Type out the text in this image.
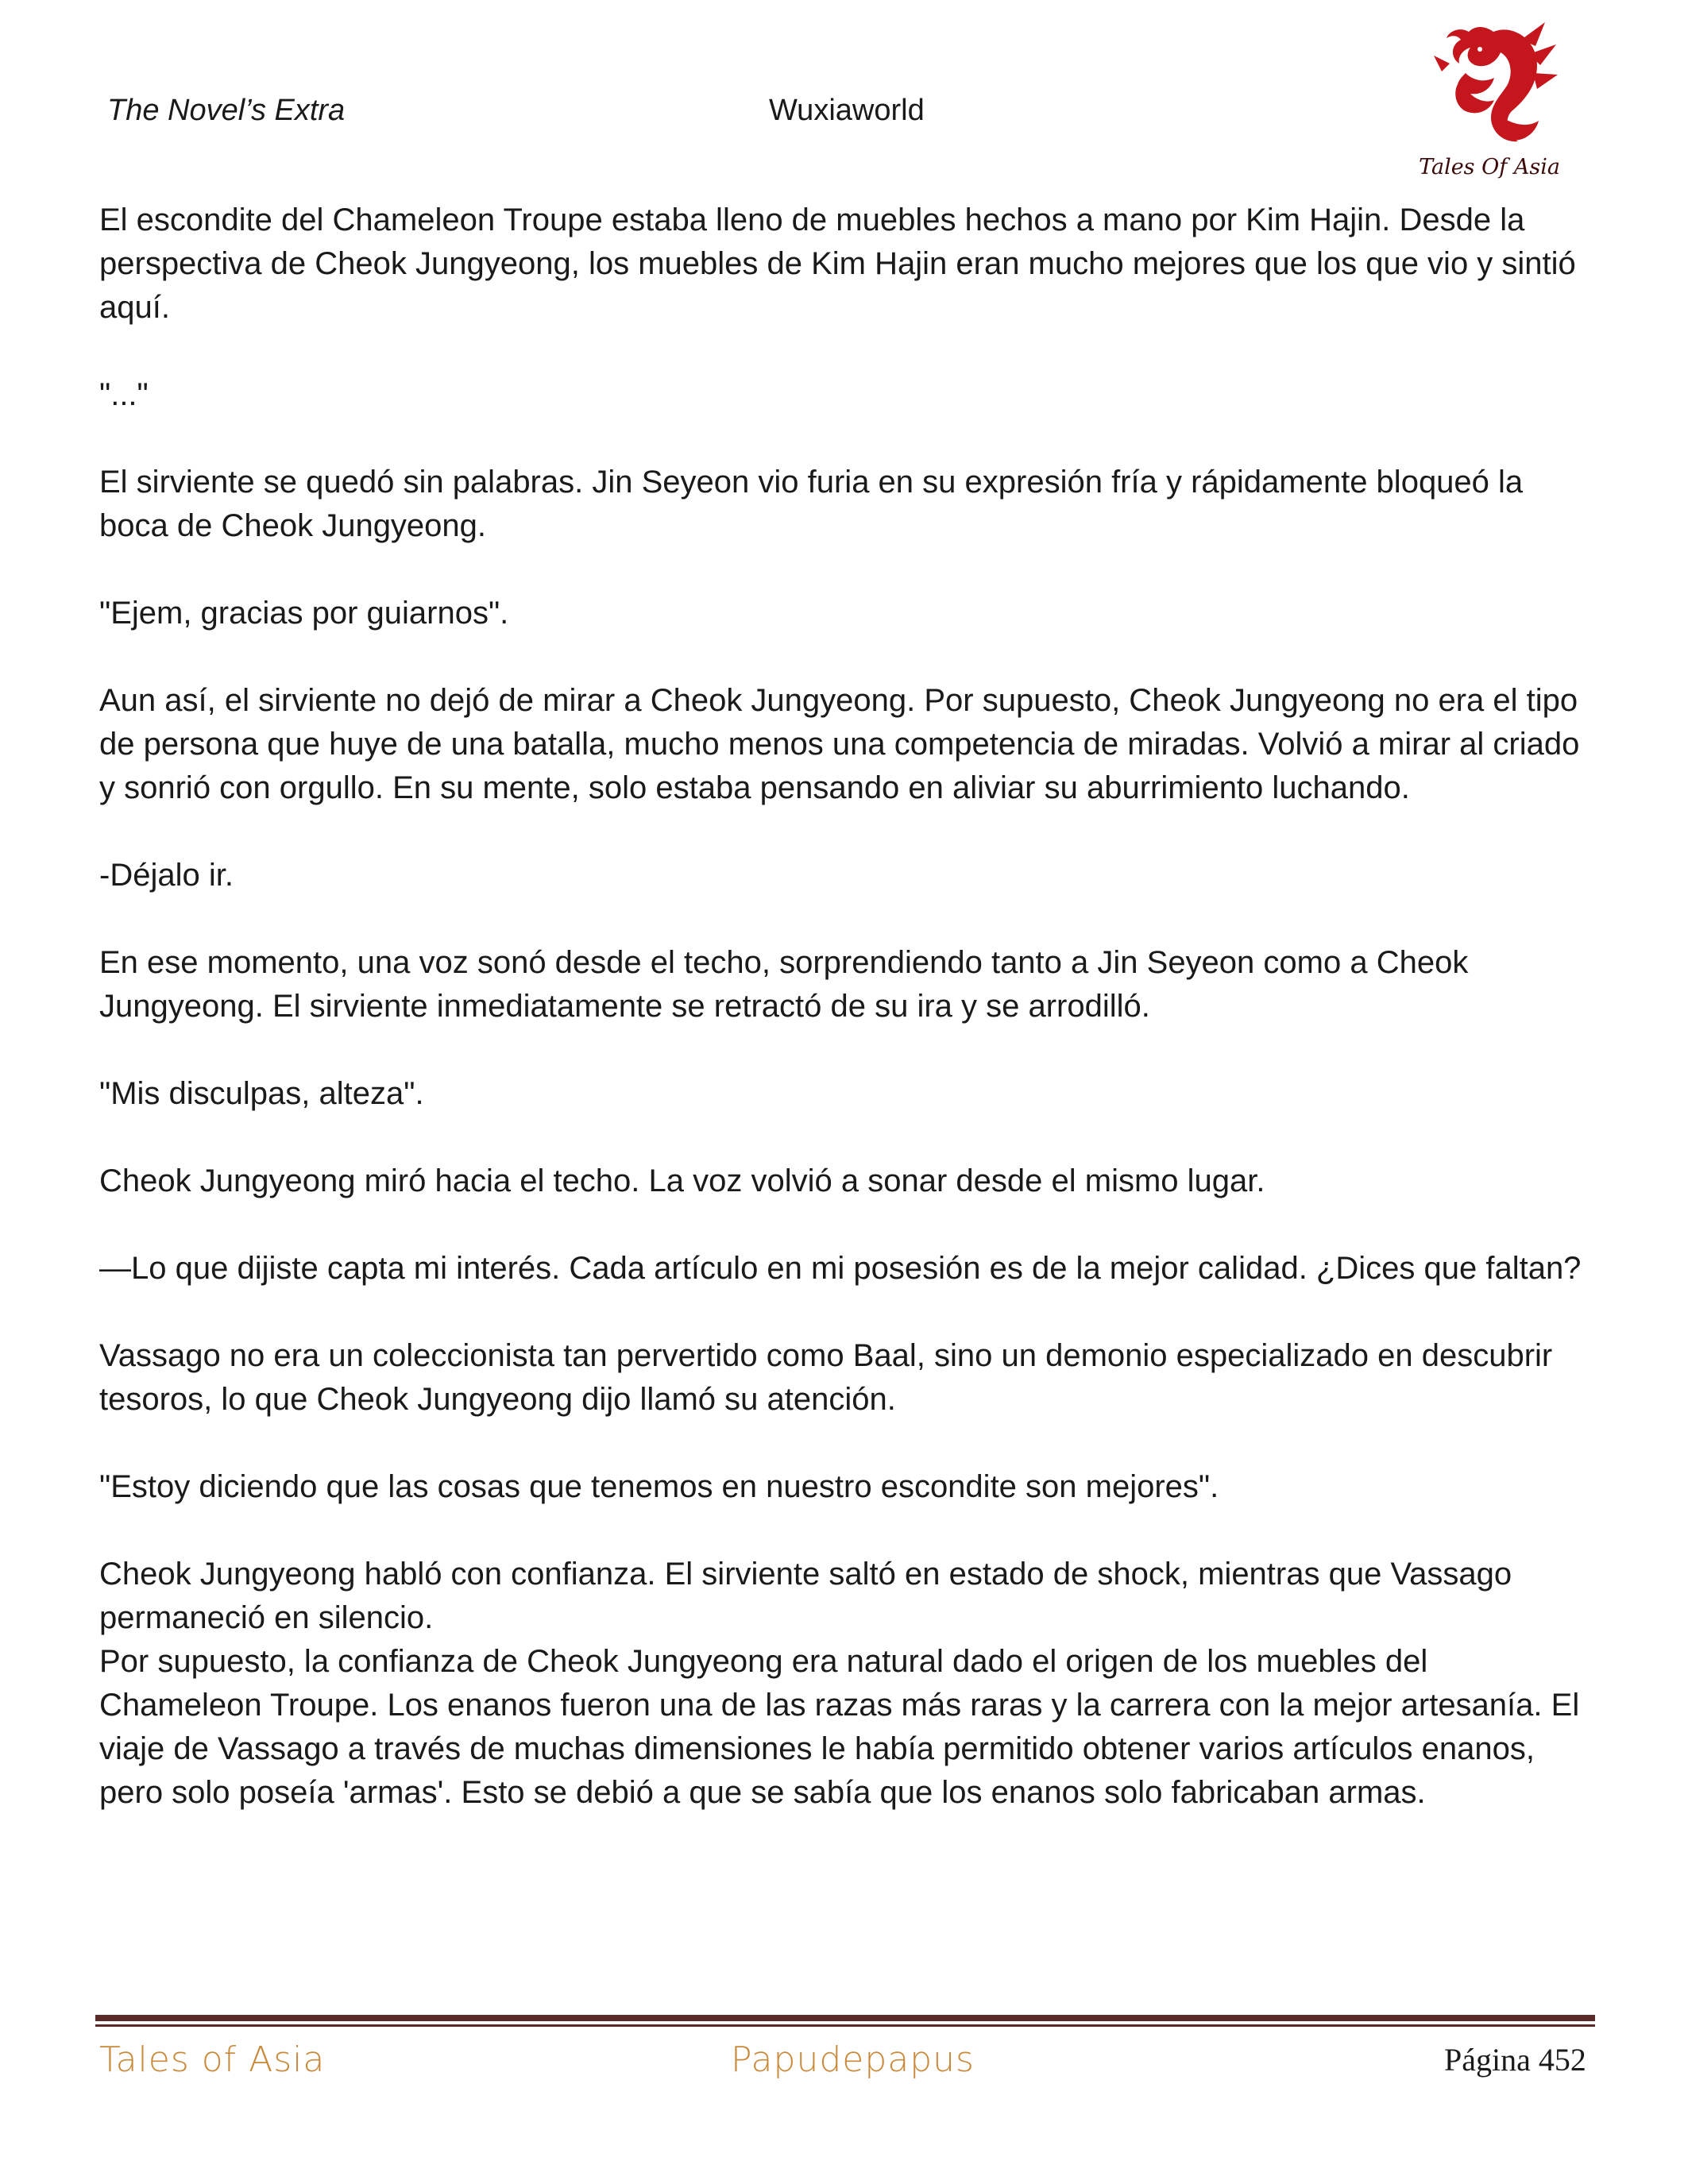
The Novel’s Extra	Wuxiaworld
Tales Of Asia

El escondite del Chameleon Troupe estaba lleno de muebles hechos a mano por Kim Hajin. Desde la perspectiva de Cheok Jungyeong, los muebles de Kim Hajin eran mucho mejores que los que vio y sintió aquí.

"..."

El sirviente se quedó sin palabras. Jin Seyeon vio furia en su expresión fría y rápidamente bloqueó la boca de Cheok Jungyeong.

"Ejem, gracias por guiarnos".

Aun así, el sirviente no dejó de mirar a Cheok Jungyeong. Por supuesto, Cheok Jungyeong no era el tipo de persona que huye de una batalla, mucho menos una competencia de miradas. Volvió a mirar al criado y sonrió con orgullo. En su mente, solo estaba pensando en aliviar su aburrimiento luchando.

-Déjalo ir.

En ese momento, una voz sonó desde el techo, sorprendiendo tanto a Jin Seyeon como a Cheok Jungyeong. El sirviente inmediatamente se retractó de su ira y se arrodilló.

"Mis disculpas, alteza".

Cheok Jungyeong miró hacia el techo. La voz volvió a sonar desde el mismo lugar.

—Lo que dijiste capta mi interés. Cada artículo en mi posesión es de la mejor calidad. ¿Dices que faltan?

Vassago no era un coleccionista tan pervertido como Baal, sino un demonio especializado en descubrir tesoros, lo que Cheok Jungyeong dijo llamó su atención.

"Estoy diciendo que las cosas que tenemos en nuestro escondite son mejores".

Cheok Jungyeong habló con confianza. El sirviente saltó en estado de shock, mientras que Vassago permaneció en silencio.

Por supuesto, la confianza de Cheok Jungyeong era natural dado el origen de los muebles del Chameleon Troupe. Los enanos fueron una de las razas más raras y la carrera con la mejor artesanía. El viaje de Vassago a través de muchas dimensiones le había permitido obtener varios artículos enanos, pero solo poseía 'armas'. Esto se debió a que se sabía que los enanos solo fabricaban armas.

Tales of Asia	Papudepapus	Página 452
